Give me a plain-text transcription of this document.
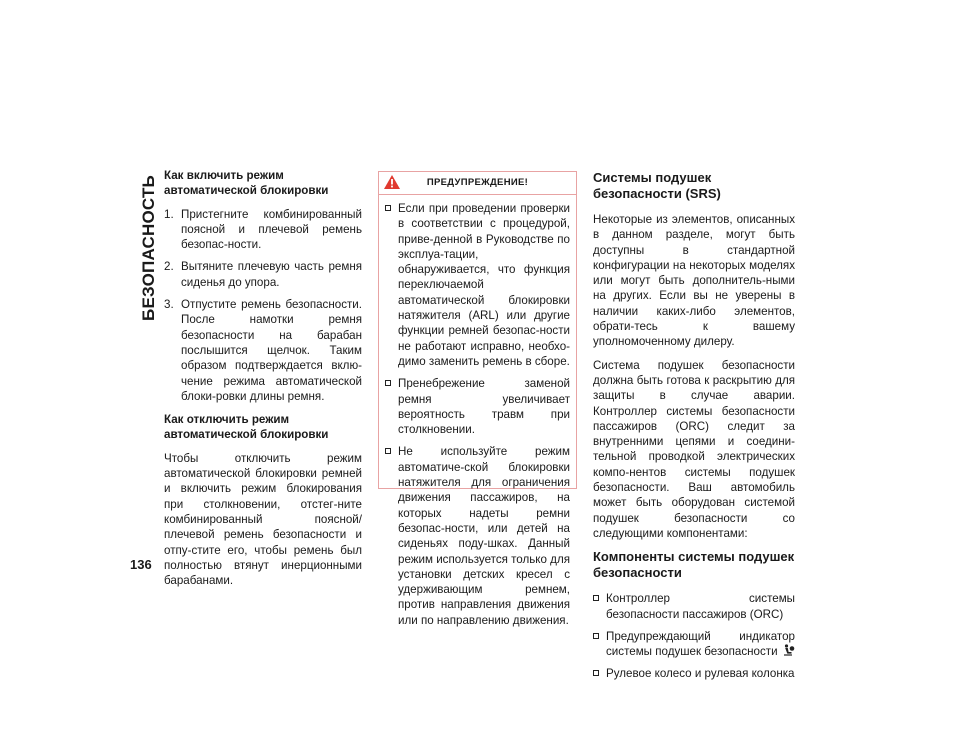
БЕЗОПАСНОСТЬ
136
Как включить режим автоматической блокировки
1. Пристегните комбинированный поясной и плечевой ремень безопас-ности.
2. Вытяните плечевую часть ремня сиденья до упора.
3. Отпустите ремень безопасности. После намотки ремня безопасности на барабан послышится щелчок. Таким образом подтверждается вклю-чение режима автоматической блоки-ровки длины ремня.
Как отключить режим автоматической блокировки

Чтобы отключить режим автоматической блокировки ремней и включить режим блокирования при столкновении, отстег-ните комбинированный поясной/ плечевой ремень безопасности и отпу-стите его, чтобы ремень был полностью втянут инерционными барабанами.

ПРЕДУПРЕЖДЕНИЕ!
Если при проведении проверки в соответствии с процедурой, приве-денной в Руководстве по эксплуа-тации, обнаруживается, что функция переключаемой автоматической блокировки натяжителя (ARL) или другие функции ремней безопас-ности не работают исправно, необхо-димо заменить ремень в сборе.
Пренебрежение заменой ремня увеличивает вероятность травм при столкновении.
Не используйте режим автоматиче-ской блокировки натяжителя для ограничения движения пассажиров, на которых надеты ремни безопас-ности, или детей на сиденьях поду-шках. Данный режим используется только для установки детских кресел с удерживающим ремнем, против направления движения или по направлению движения.
Системы подушек безопасности (SRS)

Некоторые из элементов, описанных в данном разделе, могут быть доступны в стандартной конфигурации на некоторых моделях или могут быть дополнитель-ными на других. Если вы не уверены в наличии каких-либо элементов, обрати-тесь к вашему уполномоченному дилеру.

Система подушек безопасности должна быть готова к раскрытию для защиты в случае аварии. Контроллер системы безопасности пассажиров (ORC) следит за внутренними цепями и соедини-тельной проводкой электрических компо-нентов системы подушек безопасности. Ваш автомобиль может быть оборудован системой подушек безопасности со следующими компонентами:

Компоненты системы подушек безопасности
Контроллер системы безопасности пассажиров (ORC)
Предупреждающий индикатор системы подушек безопасности
Рулевое колесо и рулевая колонка
